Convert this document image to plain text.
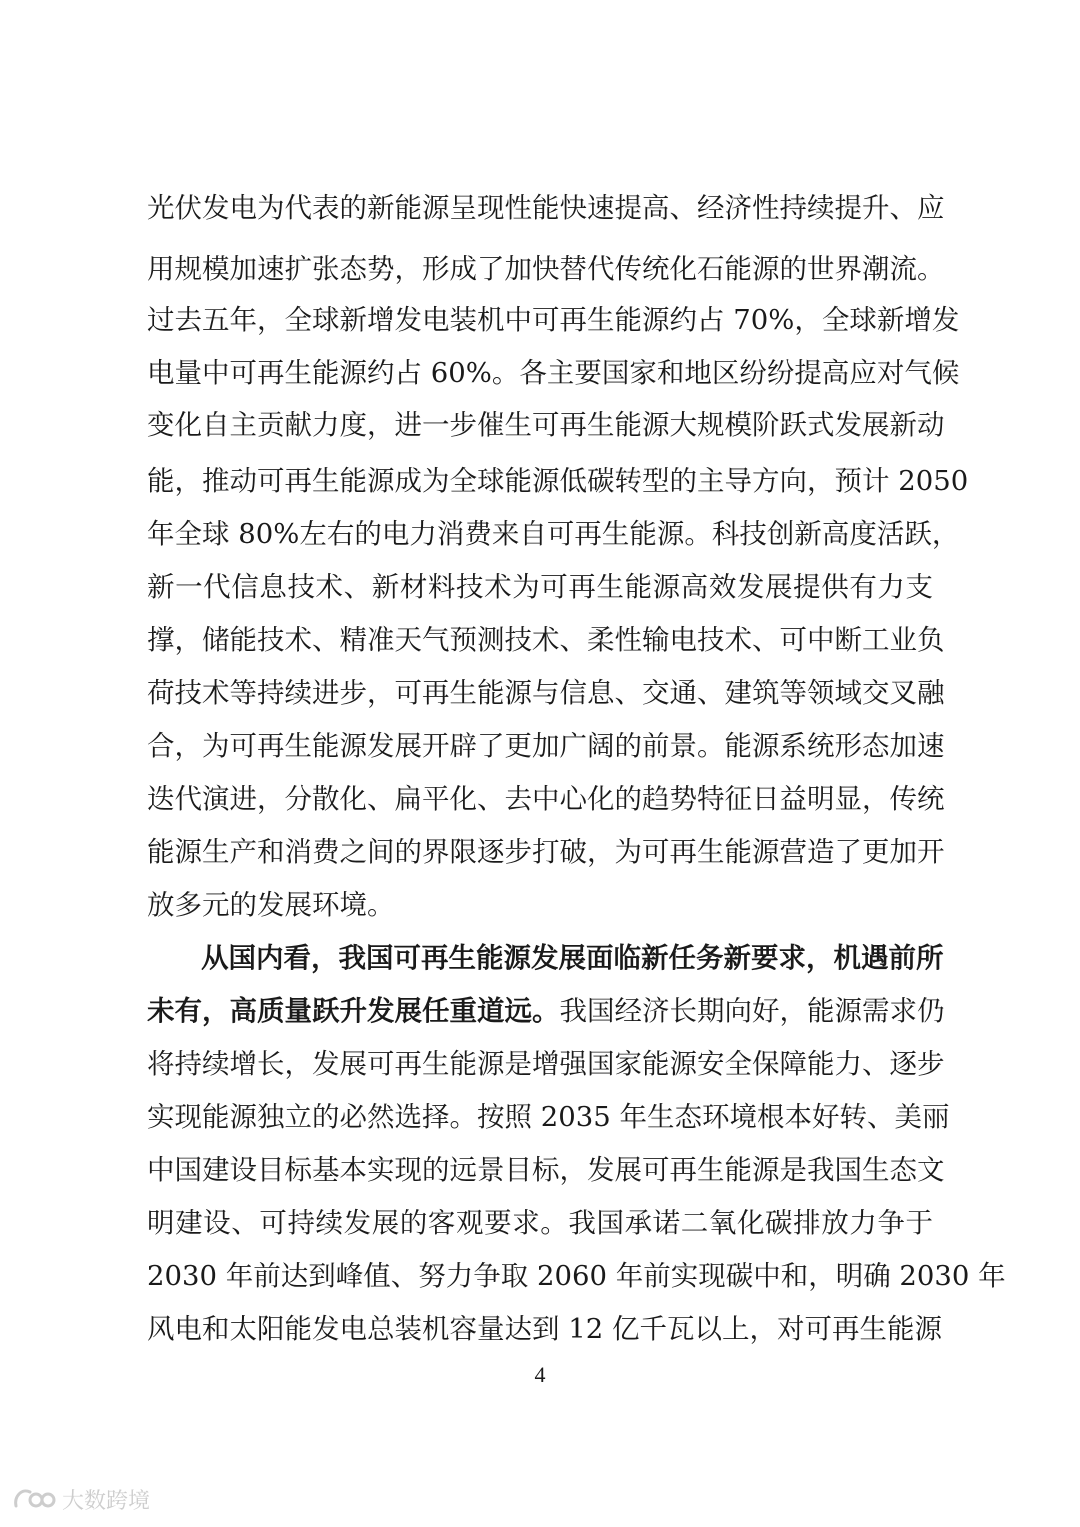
光伏发电为代表的新能源呈现性能快速提高、经济性持续提升、应
用规模加速扩张态势，形成了加快替代传统化石能源的世界潮流。
过去五年，全球新增发电装机中可再生能源约占 70%，全球新增发
电量中可再生能源约占 60%。各主要国家和地区纷纷提高应对气候
变化自主贡献力度，进一步催生可再生能源大规模阶跃式发展新动
能，推动可再生能源成为全球能源低碳转型的主导方向，预计 2050
年全球 80%左右的电力消费来自可再生能源。科技创新高度活跃，
新一代信息技术、新材料技术为可再生能源高效发展提供有力支
撑，储能技术、精准天气预测技术、柔性输电技术、可中断工业负
荷技术等持续进步，可再生能源与信息、交通、建筑等领域交叉融
合，为可再生能源发展开辟了更加广阔的前景。能源系统形态加速
迭代演进，分散化、扁平化、去中心化的趋势特征日益明显，传统
能源生产和消费之间的界限逐步打破，为可再生能源营造了更加开
放多元的发展环境。
从国内看，我国可再生能源发展面临新任务新要求，机遇前所
未有，高质量跃升发展任重道远。我国经济长期向好，能源需求仍
将持续增长，发展可再生能源是增强国家能源安全保障能力、逐步
实现能源独立的必然选择。按照 2035 年生态环境根本好转、美丽
中国建设目标基本实现的远景目标，发展可再生能源是我国生态文
明建设、可持续发展的客观要求。我国承诺二氧化碳排放力争于
2030 年前达到峰值、努力争取 2060 年前实现碳中和，明确 2030 年
风电和太阳能发电总装机容量达到 12 亿千瓦以上，对可再生能源
4
大数跨境
